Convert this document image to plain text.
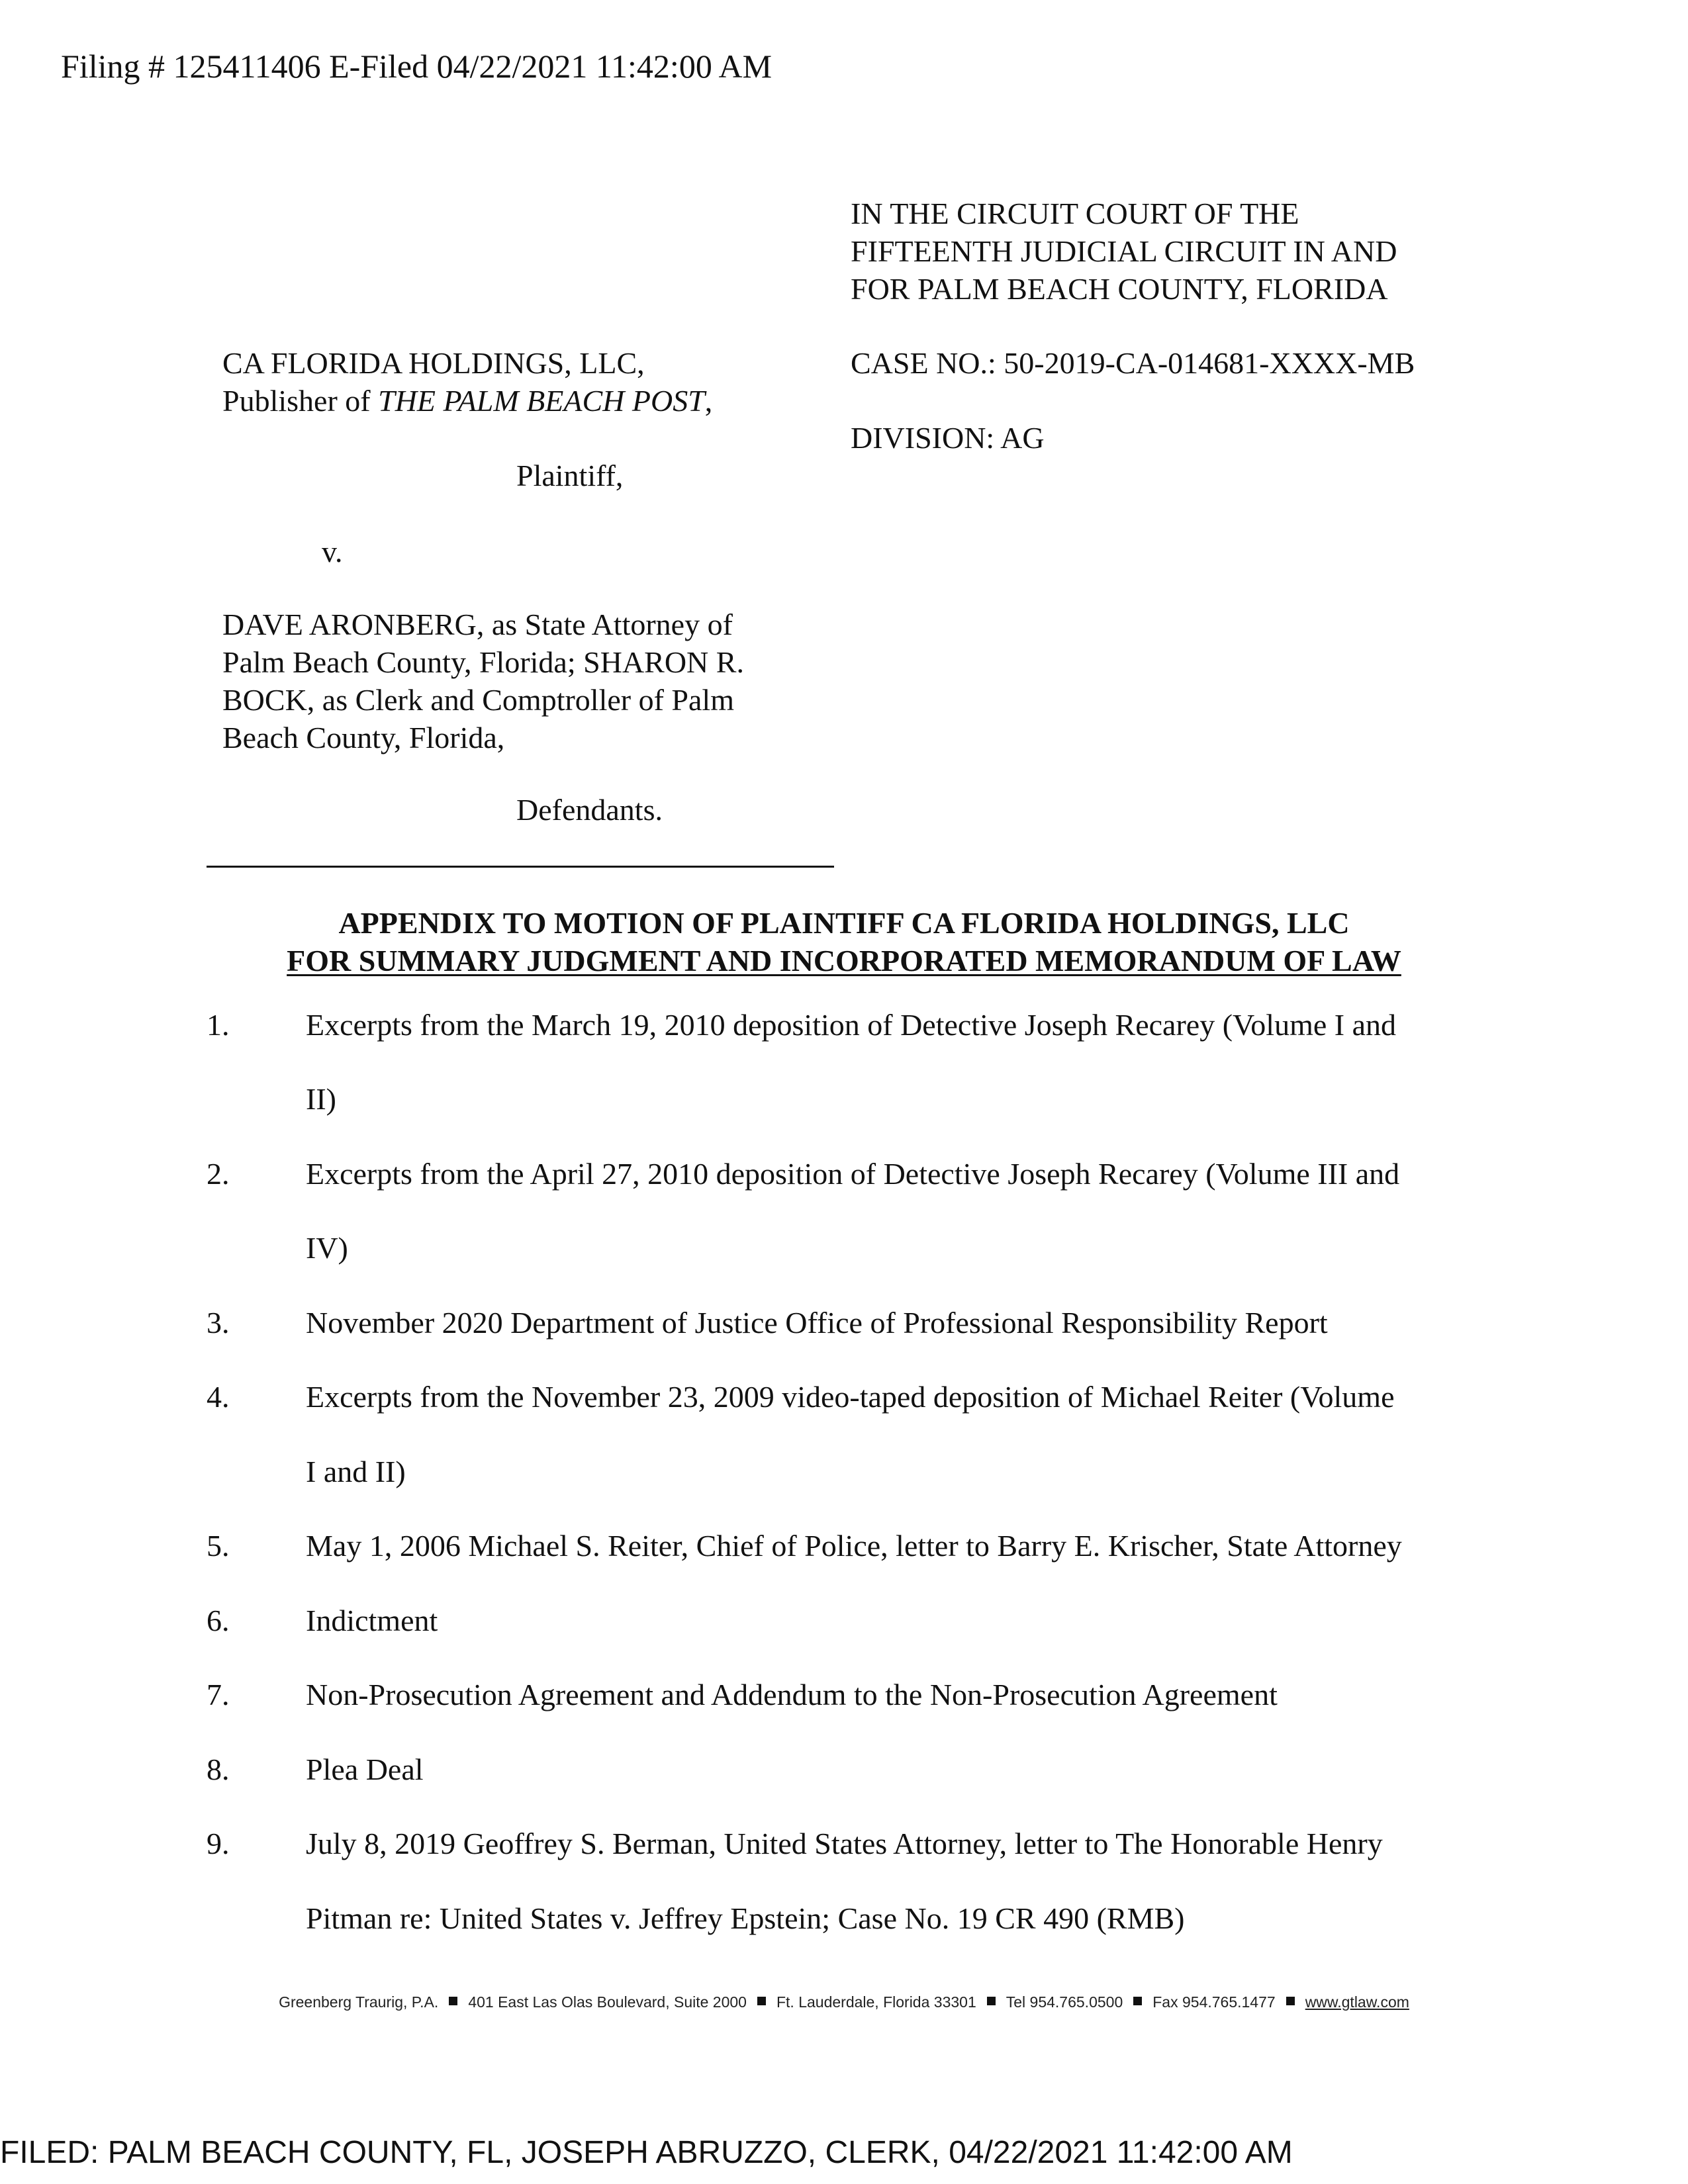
Filing # 125411406 E-Filed 04/22/2021 11:42:00 AM
IN THE CIRCUIT COURT OF THE
FIFTEENTH JUDICIAL CIRCUIT IN AND
FOR PALM BEACH COUNTY, FLORIDA
CA FLORIDA HOLDINGS, LLC,
Publisher of THE PALM BEACH POST,
CASE NO.: 50-2019-CA-014681-XXXX-MB
DIVISION: AG
Plaintiff,
v.
DAVE ARONBERG, as State Attorney of
Palm Beach County, Florida; SHARON R.
BOCK, as Clerk and Comptroller of Palm
Beach County, Florida,
Defendants.
APPENDIX TO MOTION OF PLAINTIFF CA FLORIDA HOLDINGS, LLC
FOR SUMMARY JUDGMENT AND INCORPORATED MEMORANDUM OF LAW
1.	Excerpts from the March 19, 2010 deposition of Detective Joseph Recarey (Volume I and
II)
2.	Excerpts from the April 27, 2010 deposition of Detective Joseph Recarey (Volume III and
IV)
3.	November 2020 Department of Justice Office of Professional Responsibility Report
4.	Excerpts from the November 23, 2009 video-taped deposition of Michael Reiter (Volume
I and II)
5.	May 1, 2006 Michael S. Reiter, Chief of Police, letter to Barry E. Krischer, State Attorney
6.	Indictment
7.	Non-Prosecution Agreement and Addendum to the Non-Prosecution Agreement
8.	Plea Deal
9.	July 8, 2019 Geoffrey S. Berman, United States Attorney, letter to The Honorable Henry
Pitman re: United States v. Jeffrey Epstein; Case No. 19 CR 490 (RMB)
Greenberg Traurig, P.A. 401 East Las Olas Boulevard, Suite 2000 Ft. Lauderdale, Florida 33301 Tel 954.765.0500 Fax 954.765.1477 www.gtlaw.com
FILED: PALM BEACH COUNTY, FL, JOSEPH ABRUZZO, CLERK, 04/22/2021 11:42:00 AM
